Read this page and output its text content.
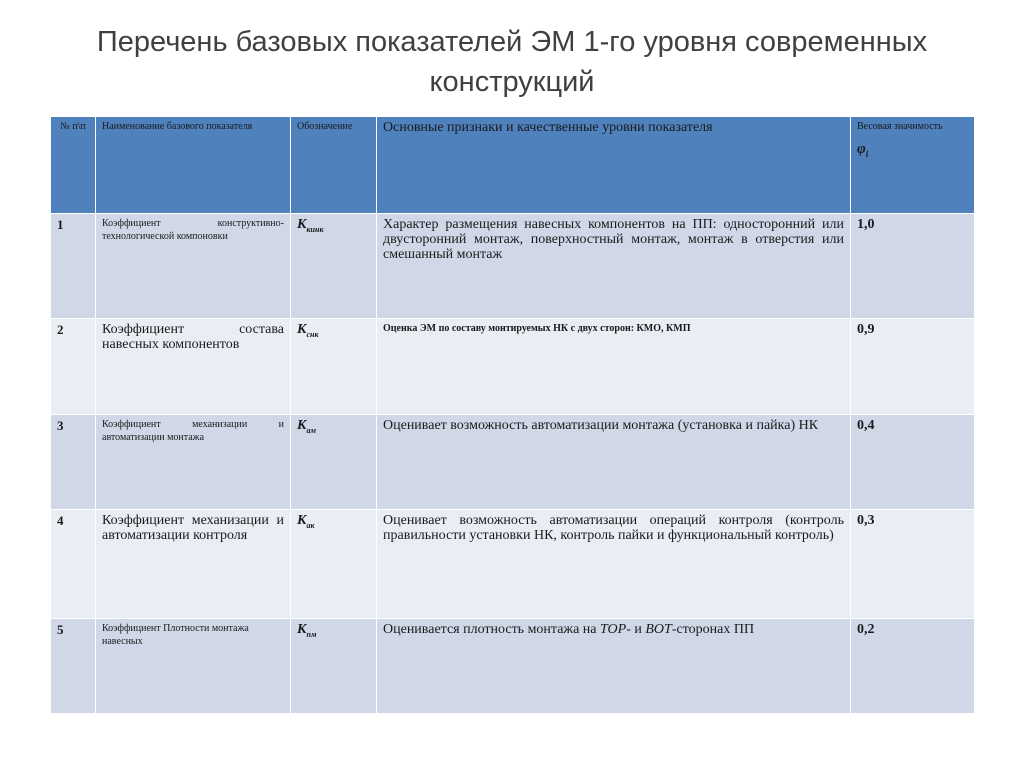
Перечень базовых показателей ЭМ 1-го уровня современных конструкций
№ п\п	Наименование базового показателя	Обозначение	Основные признаки и качественные уровни показателя	Весовая значимость
$\varphi_i$

1	Коэффициент конструктивно-технологической компоновки	$К_{кинк}$	Характер размещения навесных компонентов на ПП: односторонний или двусторонний монтаж, поверхностный монтаж, монтаж в отверстия или смешанный монтаж	1,0
2	Коэффициент состава навесных компонентов	$К_{снк}$	Оценка ЭМ по составу монтируемых НК с двух сторон: КМО, КМП	0,9
3	Коэффициент механизации и автоматизации монтажа	$К_{ам}$	Оценивает возможность автоматизации монтажа (установка и пайка) НК	0,4
4	Коэффициент механизации и автоматизации контроля	$К_{ак}$	Оценивает возможность автоматизации операций контроля (контроль правильности установки НК, контроль пайки и функциональный контроль)	0,3
5	Коэффициент Плотности монтажа навесных	$К_{пм}$	Оценивается плотность монтажа на TOP- и BOT-сторонах ПП	0,2
